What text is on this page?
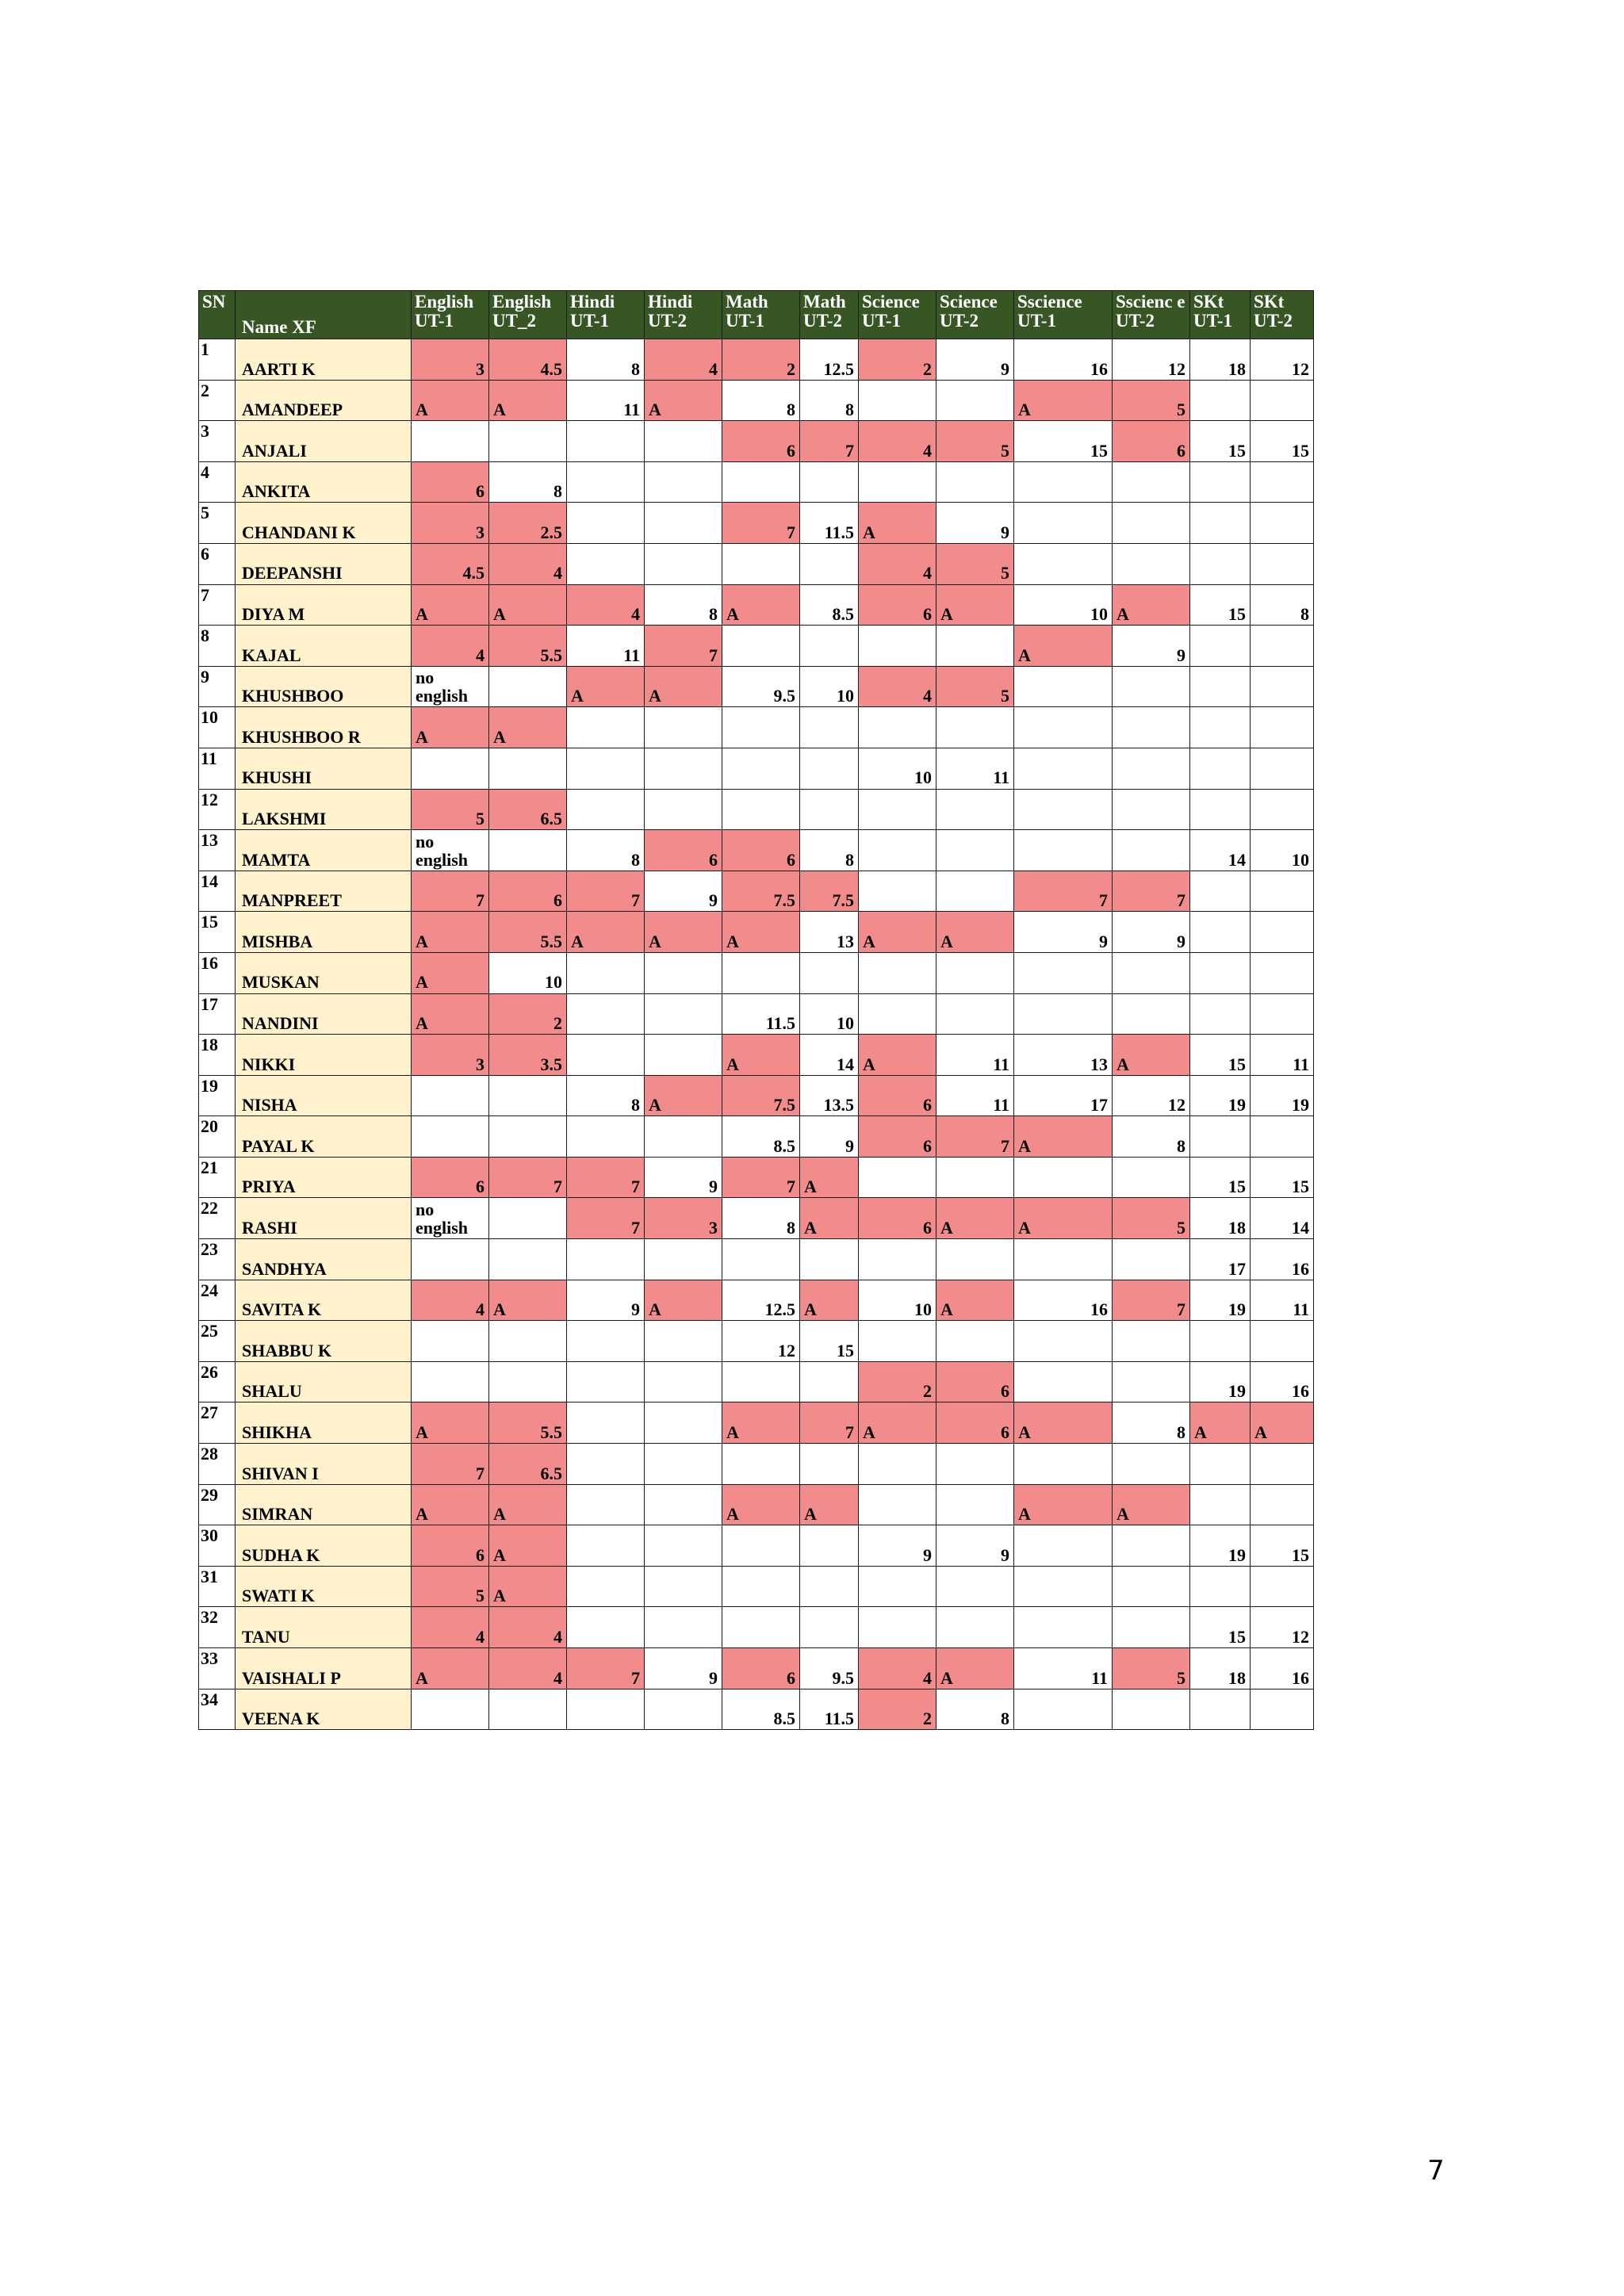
SN	Name XF	English UT-1	English UT_2	Hindi UT-1	Hindi UT-2	Math UT-1	Math UT-2	Science UT-1	Science UT-2	Sscience UT-1	Sscienc e UT-2	SKt UT-1	SKt UT-2
1	AARTI K	3	4.5	8	4	2	12.5	2	9	16	12	18	12
2	AMANDEEP	A	A	11	A	8	8			A	5		
3	ANJALI					6	7	4	5	15	6	15	15
4	ANKITA	6	8										
5	CHANDANI K	3	2.5			7	11.5	A	9				
6	DEEPANSHI	4.5	4					4	5				
7	DIYA M	A	A	4	8	A	8.5	6	A	10	A	15	8
8	KAJAL	4	5.5	11	7					A	9		
9	KHUSHBOO	no english		A	A	9.5	10	4	5				
10	KHUSHBOO R	A	A										
11	KHUSHI							10	11				
12	LAKSHMI	5	6.5										
13	MAMTA	no english		8	6	6	8					14	10
14	MANPREET	7	6	7	9	7.5	7.5			7	7		
15	MISHBA	A	5.5	A	A	A	13	A	A	9	9		
16	MUSKAN	A	10										
17	NANDINI	A	2			11.5	10						
18	NIKKI	3	3.5			A	14	A	11	13	A	15	11
19	NISHA			8	A	7.5	13.5	6	11	17	12	19	19
20	PAYAL K					8.5	9	6	7	A	8		
21	PRIYA	6	7	7	9	7	A					15	15
22	RASHI	no english		7	3	8	A	6	A	A	5	18	14
23	SANDHYA											17	16
24	SAVITA K	4	A	9	A	12.5	A	10	A	16	7	19	11
25	SHABBU K					12	15						
26	SHALU							2	6			19	16
27	SHIKHA	A	5.5			A	7	A	6	A	8	A	A
28	SHIVAN I	7	6.5										
29	SIMRAN	A	A			A	A			A	A		
30	SUDHA K	6	A					9	9			19	15
31	SWATI K	5	A										
32	TANU	4	4									15	12
33	VAISHALI P	A	4	7	9	6	9.5	4	A	11	5	18	16
34	VEENA K					8.5	11.5	2	8				
7
